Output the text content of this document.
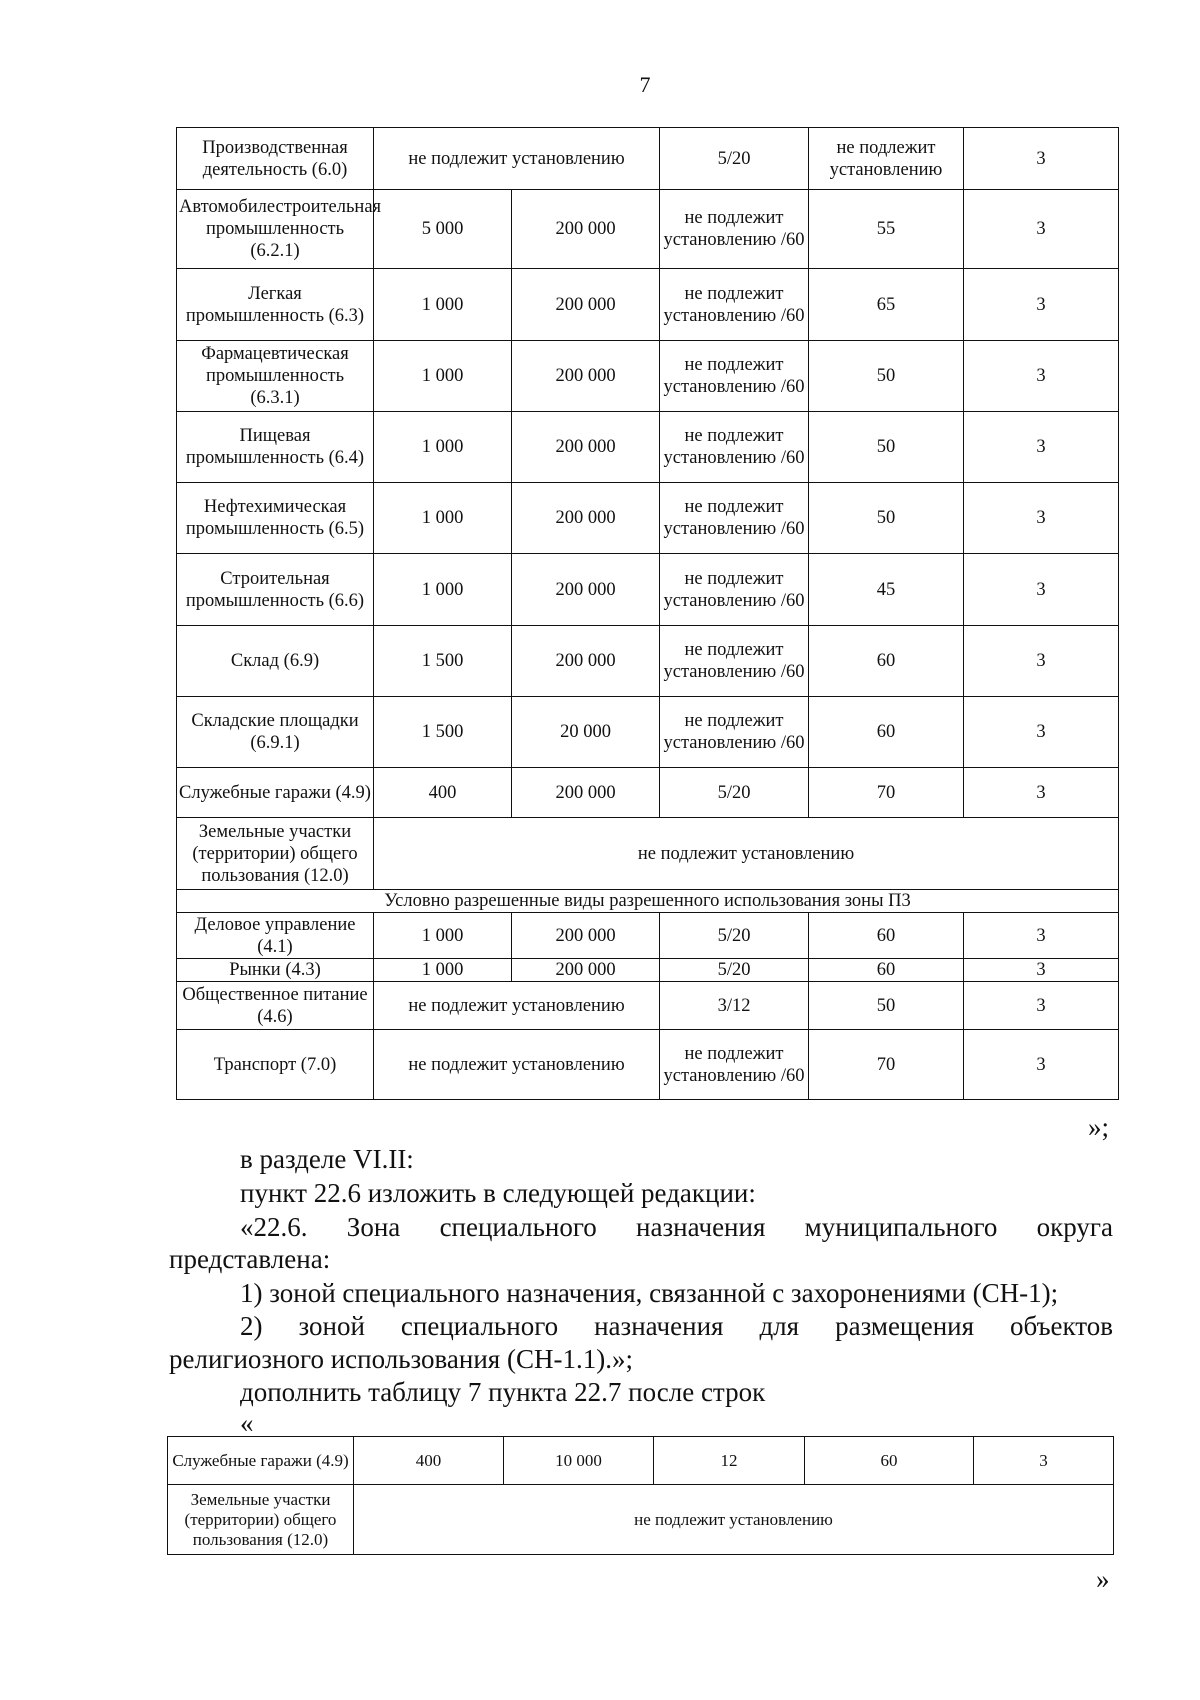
7
Производственная деятельность (6.0)	не подлежит установлению		5/20	не подлежит установлению	3
Автомобилестроительная промышленность (6.2.1)	5 000	200 000	не подлежит установлению /60	55	3
Легкая промышленность (6.3)	1 000	200 000	не подлежит установлению /60	65	3
Фармацевтическая промышленность (6.3.1)	1 000	200 000	не подлежит установлению /60	50	3
Пищевая промышленность (6.4)	1 000	200 000	не подлежит установлению /60	50	3
Нефтехимическая промышленность (6.5)	1 000	200 000	не подлежит установлению /60	50	3
Строительная промышленность (6.6)	1 000	200 000	не подлежит установлению /60	45	3
Склад (6.9)	1 500	200 000	не подлежит установлению /60	60	3
Складские площадки (6.9.1)	1 500	20 000	не подлежит установлению /60	60	3
Служебные гаражи (4.9)	400	200 000	5/20	70	3
Земельные участки (территории) общего пользования (12.0)	не подлежит установлению				
Условно разрешенные виды разрешенного использования зоны П3					
Деловое управление (4.1)	1 000	200 000	5/20	60	3
Рынки (4.3)	1 000	200 000	5/20	60	3
Общественное питание (4.6)	не подлежит установлению		3/12	50	3
Транспорт (7.0)	не подлежит установлению		не подлежит установлению /60	70	3
»;
в разделе VI.II:
пункт 22.6 изложить в следующей редакции:
«22.6. Зона специального назначения муниципального округа
представлена:
1) зоной специального назначения, связанной с захоронениями (СН-1);
2) зоной специального назначения для размещения объектов
религиозного использования (СН-1.1).»;
дополнить таблицу 7 пункта 22.7 после строк
«
Служебные гаражи (4.9)	400	10 000	12	60	3
Земельные участки (территории) общего пользования (12.0)	не подлежит установлению				
»
